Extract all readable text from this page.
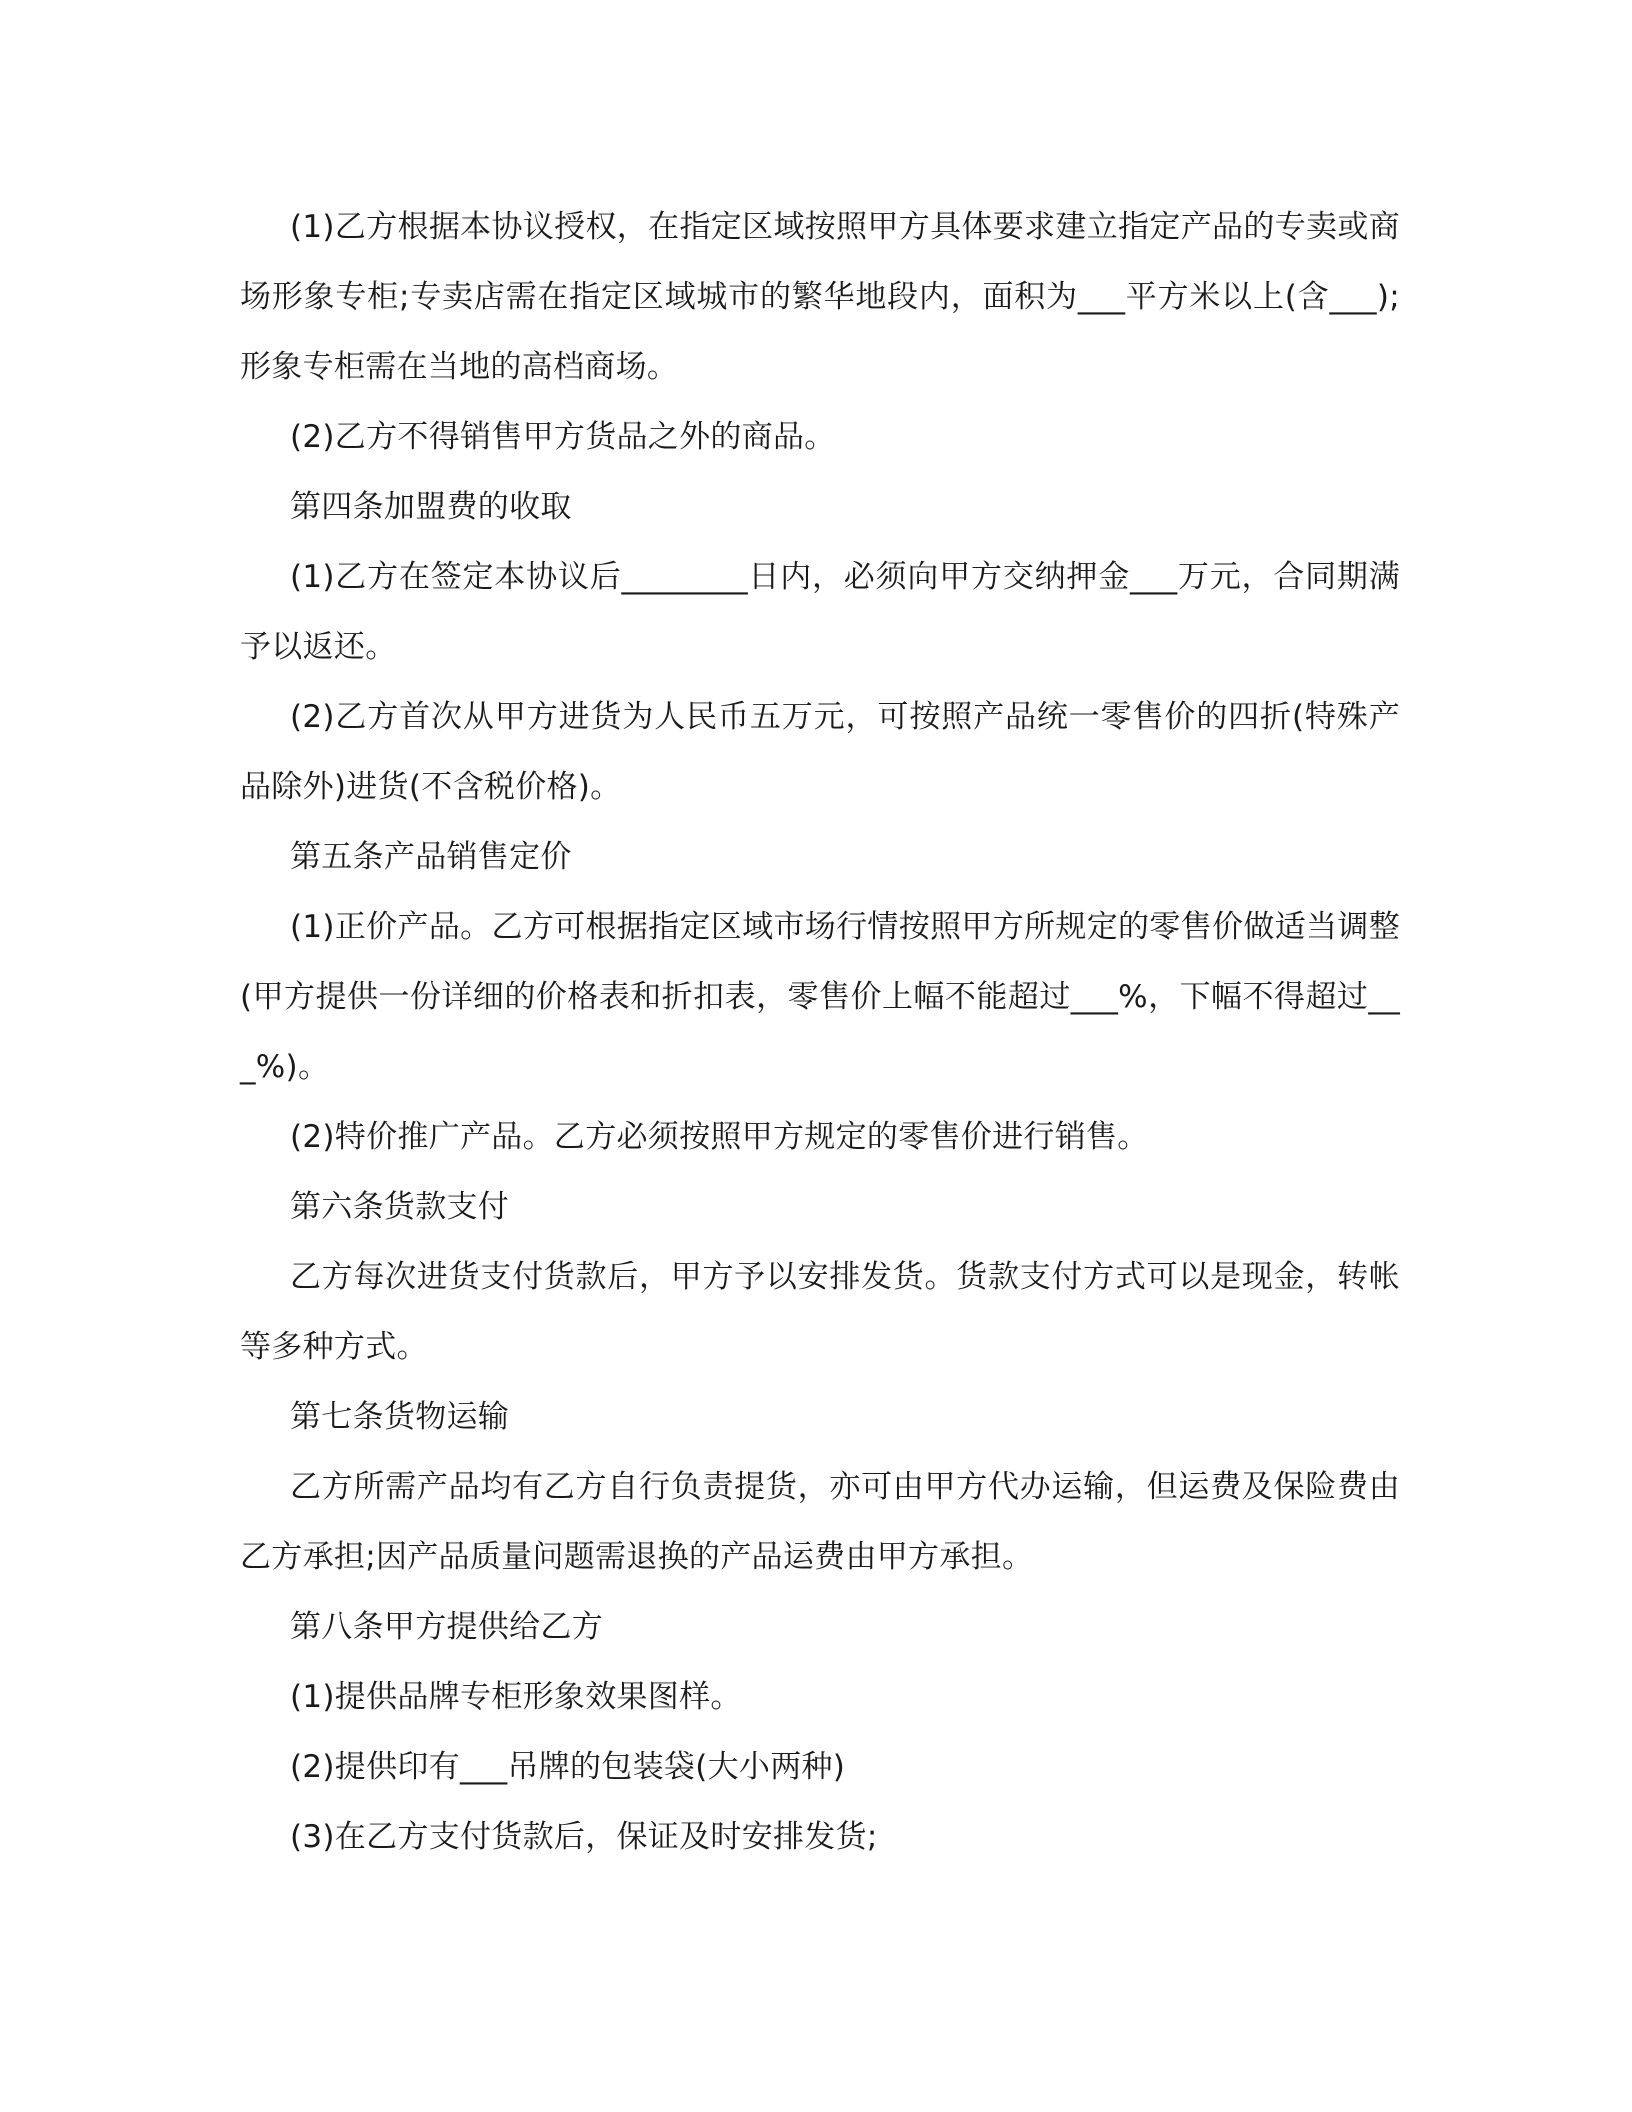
(1)乙方根据本协议授权，在指定区域按照甲方具体要求建立指定产品的专卖或商场形象专柜;专卖店需在指定区域城市的繁华地段内，面积为___平方米以上(含___);形象专柜需在当地的高档商场。

(2)乙方不得销售甲方货品之外的商品。

第四条加盟费的收取

(1)乙方在签定本协议后________日内，必须向甲方交纳押金___万元，合同期满予以返还。

(2)乙方首次从甲方进货为人民币五万元，可按照产品统一零售价的四折(特殊产品除外)进货(不含税价格)。

第五条产品销售定价

(1)正价产品。乙方可根据指定区域市场行情按照甲方所规定的零售价做适当调整(甲方提供一份详细的价格表和折扣表，零售价上幅不能超过___%，下幅不得超过___%)。

(2)特价推广产品。乙方必须按照甲方规定的零售价进行销售。

第六条货款支付

乙方每次进货支付货款后，甲方予以安排发货。货款支付方式可以是现金，转帐等多种方式。

第七条货物运输

乙方所需产品均有乙方自行负责提货，亦可由甲方代办运输，但运费及保险费由乙方承担;因产品质量问题需退换的产品运费由甲方承担。

第八条甲方提供给乙方

(1)提供品牌专柜形象效果图样。

(2)提供印有___吊牌的包装袋(大小两种)

(3)在乙方支付货款后，保证及时安排发货;
